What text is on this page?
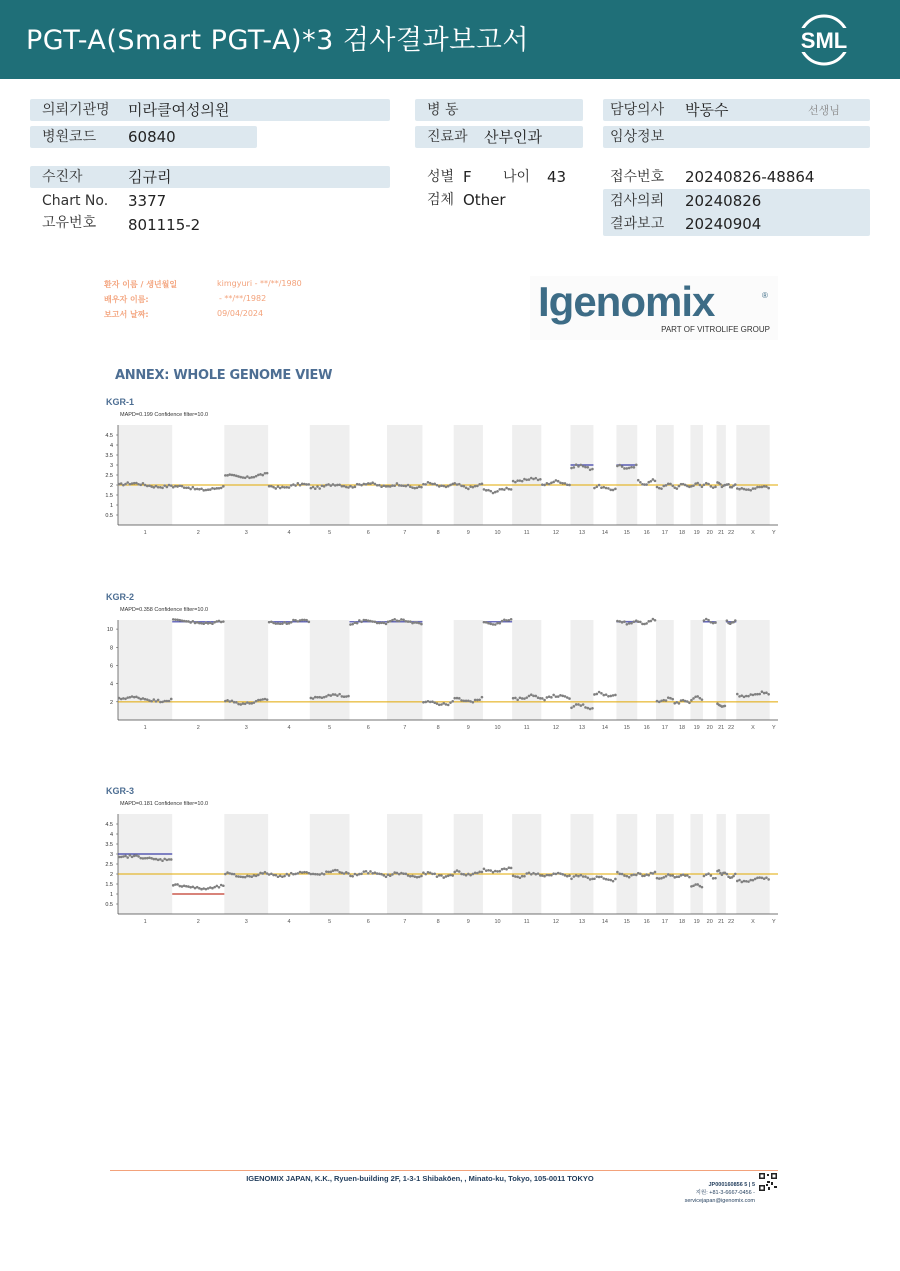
PGT-A(Smart PGT-A)*3 검사결과보고서	SML
의뢰기관명 미라클여성의원
병원코드 60840
병 동
진료과 산부인과
담당의사 박동수	선생님
임상정보
수진자	김규리
Chart No. 3377
고유번호 801115-2
성별 F 나이 43
검체 Other
접수번호 20240826-48864
검사의뢰 20240826
결과보고 20240904
환자 이름 / 생년월일	kimgyuri - **/**/1980
배우자 이름:	- **/**/1982
보고서 날짜:	09/04/2024	Igenomix	®
PART OF VITROLIFE GROUP
ANNEX: WHOLE GENOME VIEW
KGR-1
MAPD=0.199 Confidence filter=10.0
0.5
1
1.5
2
2.5
3
3.5
4
4.5
1	2	3	4	5	6	7	8	9	10	11	12	13	14	15 16 17 18 19 20 21 22	X	Y
KGR-2
MAPD=0.358 Confidence filter=10.0
2
4
6
8
10
1	2	3	4	5	6	7	8	9	10	11	12	13	14	15 16 17 18 19 20 21 22	X	Y
KGR-3
MAPD=0.181 Confidence filter=10.0
0.5
1
1.5
2
2.5
3
3.5
4
4.5
1	2	3	4	5	6	7	8	9	10	11	12	13	14	15 16 17 18 19 20 21 22	X	Y
IGENOMIX JAPAN, K.K., Ryuen-building 2F, 1-3-1 Shibakōen, , Minato-ku, Tokyo, 105-0011 TOKYO
JP000160856 5 | 5
지원: +81-3-6667-0456 -
servicejapan@igenomix.com
